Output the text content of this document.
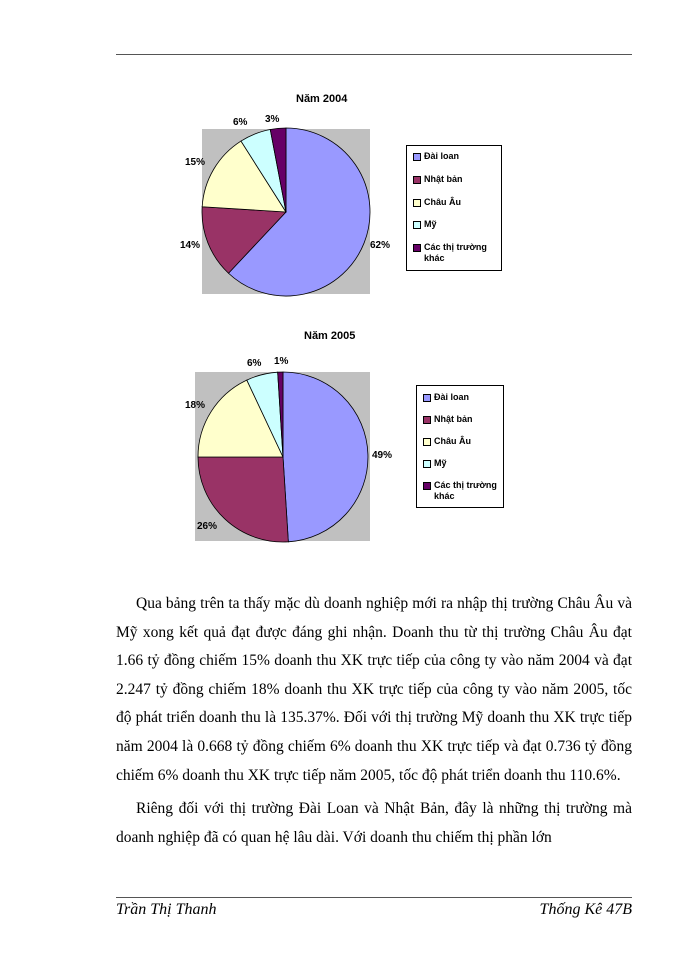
Năm 2004
62%
14%
15%
6% 3%
Đài loan
Nhật bản
Châu Âu
Mỹ
Các thị trường khác
Năm 2005
49%
26%
18%
6% 1%
Đài loan
Nhật bản
Châu Âu
Mỹ
Các thị trường khác

Qua bảng trên ta thấy mặc dù doanh nghiệp mới ra nhập thị trường Châu Âu và Mỹ xong kết quả đạt được đáng ghi nhận. Doanh thu từ thị trường Châu Âu đạt 1.66 tỷ đồng chiếm 15% doanh thu XK trực tiếp của công ty vào năm 2004 và đạt 2.247 tỷ đồng chiếm 18% doanh thu XK trực tiếp của công ty vào năm 2005, tốc độ phát triển doanh thu là 135.37%. Đối với thị trường Mỹ doanh thu XK trực tiếp năm 2004 là 0.668 tỷ đồng chiếm 6% doanh thu XK trực tiếp và đạt 0.736 tỷ đồng chiếm 6% doanh thu XK trực tiếp năm 2005, tốc độ phát triển doanh thu 110.6%.

Riêng đối với thị trường Đài Loan và Nhật Bản, đây là những thị trường mà doanh nghiệp đã có quan hệ lâu dài. Với doanh thu chiếm thị phần lớn

Trần Thị Thanh	Thống Kê 47B
